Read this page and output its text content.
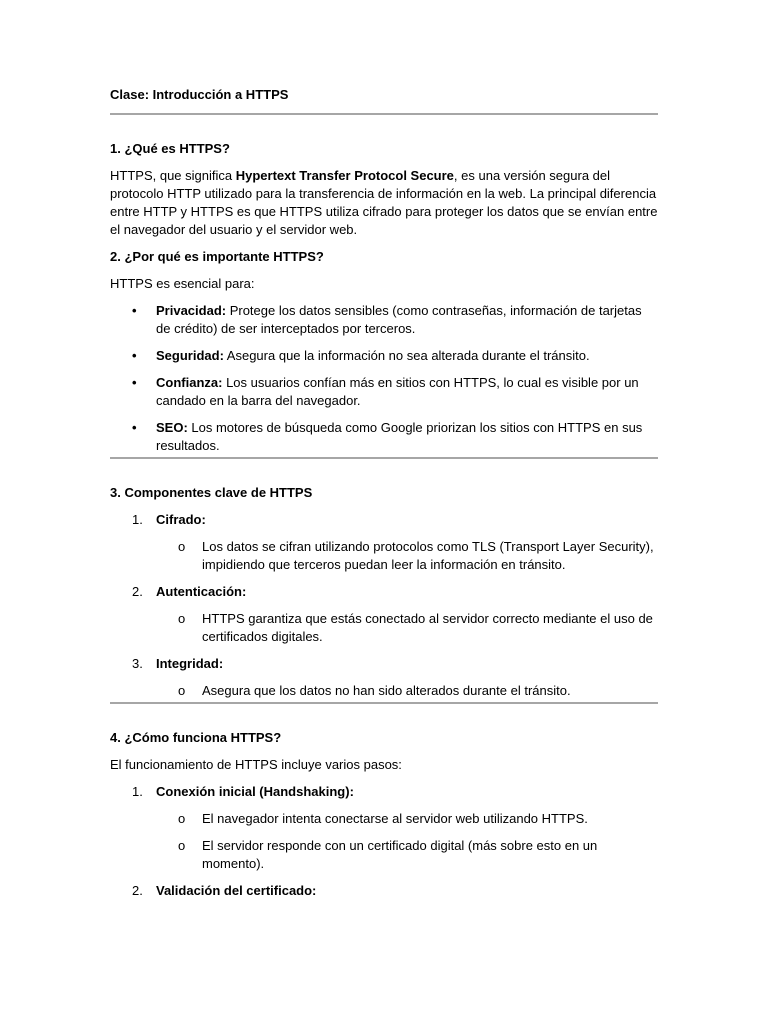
Clase: Introducción a HTTPS
1. ¿Qué es HTTPS?

HTTPS, que significa Hypertext Transfer Protocol Secure, es una versión segura del protocolo HTTP utilizado para la transferencia de información en la web. La principal diferencia entre HTTP y HTTPS es que HTTPS utiliza cifrado para proteger los datos que se envían entre el navegador del usuario y el servidor web.

2. ¿Por qué es importante HTTPS?

HTTPS es esencial para:

• Privacidad: Protege los datos sensibles (como contraseñas, información de tarjetas de crédito) de ser interceptados por terceros.
• Seguridad: Asegura que la información no sea alterada durante el tránsito.
• Confianza: Los usuarios confían más en sitios con HTTPS, lo cual es visible por un candado en la barra del navegador.
• SEO: Los motores de búsqueda como Google priorizan los sitios con HTTPS en sus resultados.
3. Componentes clave de HTTPS
1. Cifrado:
o Los datos se cifran utilizando protocolos como TLS (Transport Layer Security), impidiendo que terceros puedan leer la información en tránsito.
2. Autenticación:
o HTTPS garantiza que estás conectado al servidor correcto mediante el uso de certificados digitales.
3. Integridad:
o Asegura que los datos no han sido alterados durante el tránsito.
4. ¿Cómo funciona HTTPS?

El funcionamiento de HTTPS incluye varios pasos:

1. Conexión inicial (Handshaking):
o El navegador intenta conectarse al servidor web utilizando HTTPS.
o El servidor responde con un certificado digital (más sobre esto en un momento).
2. Validación del certificado:
